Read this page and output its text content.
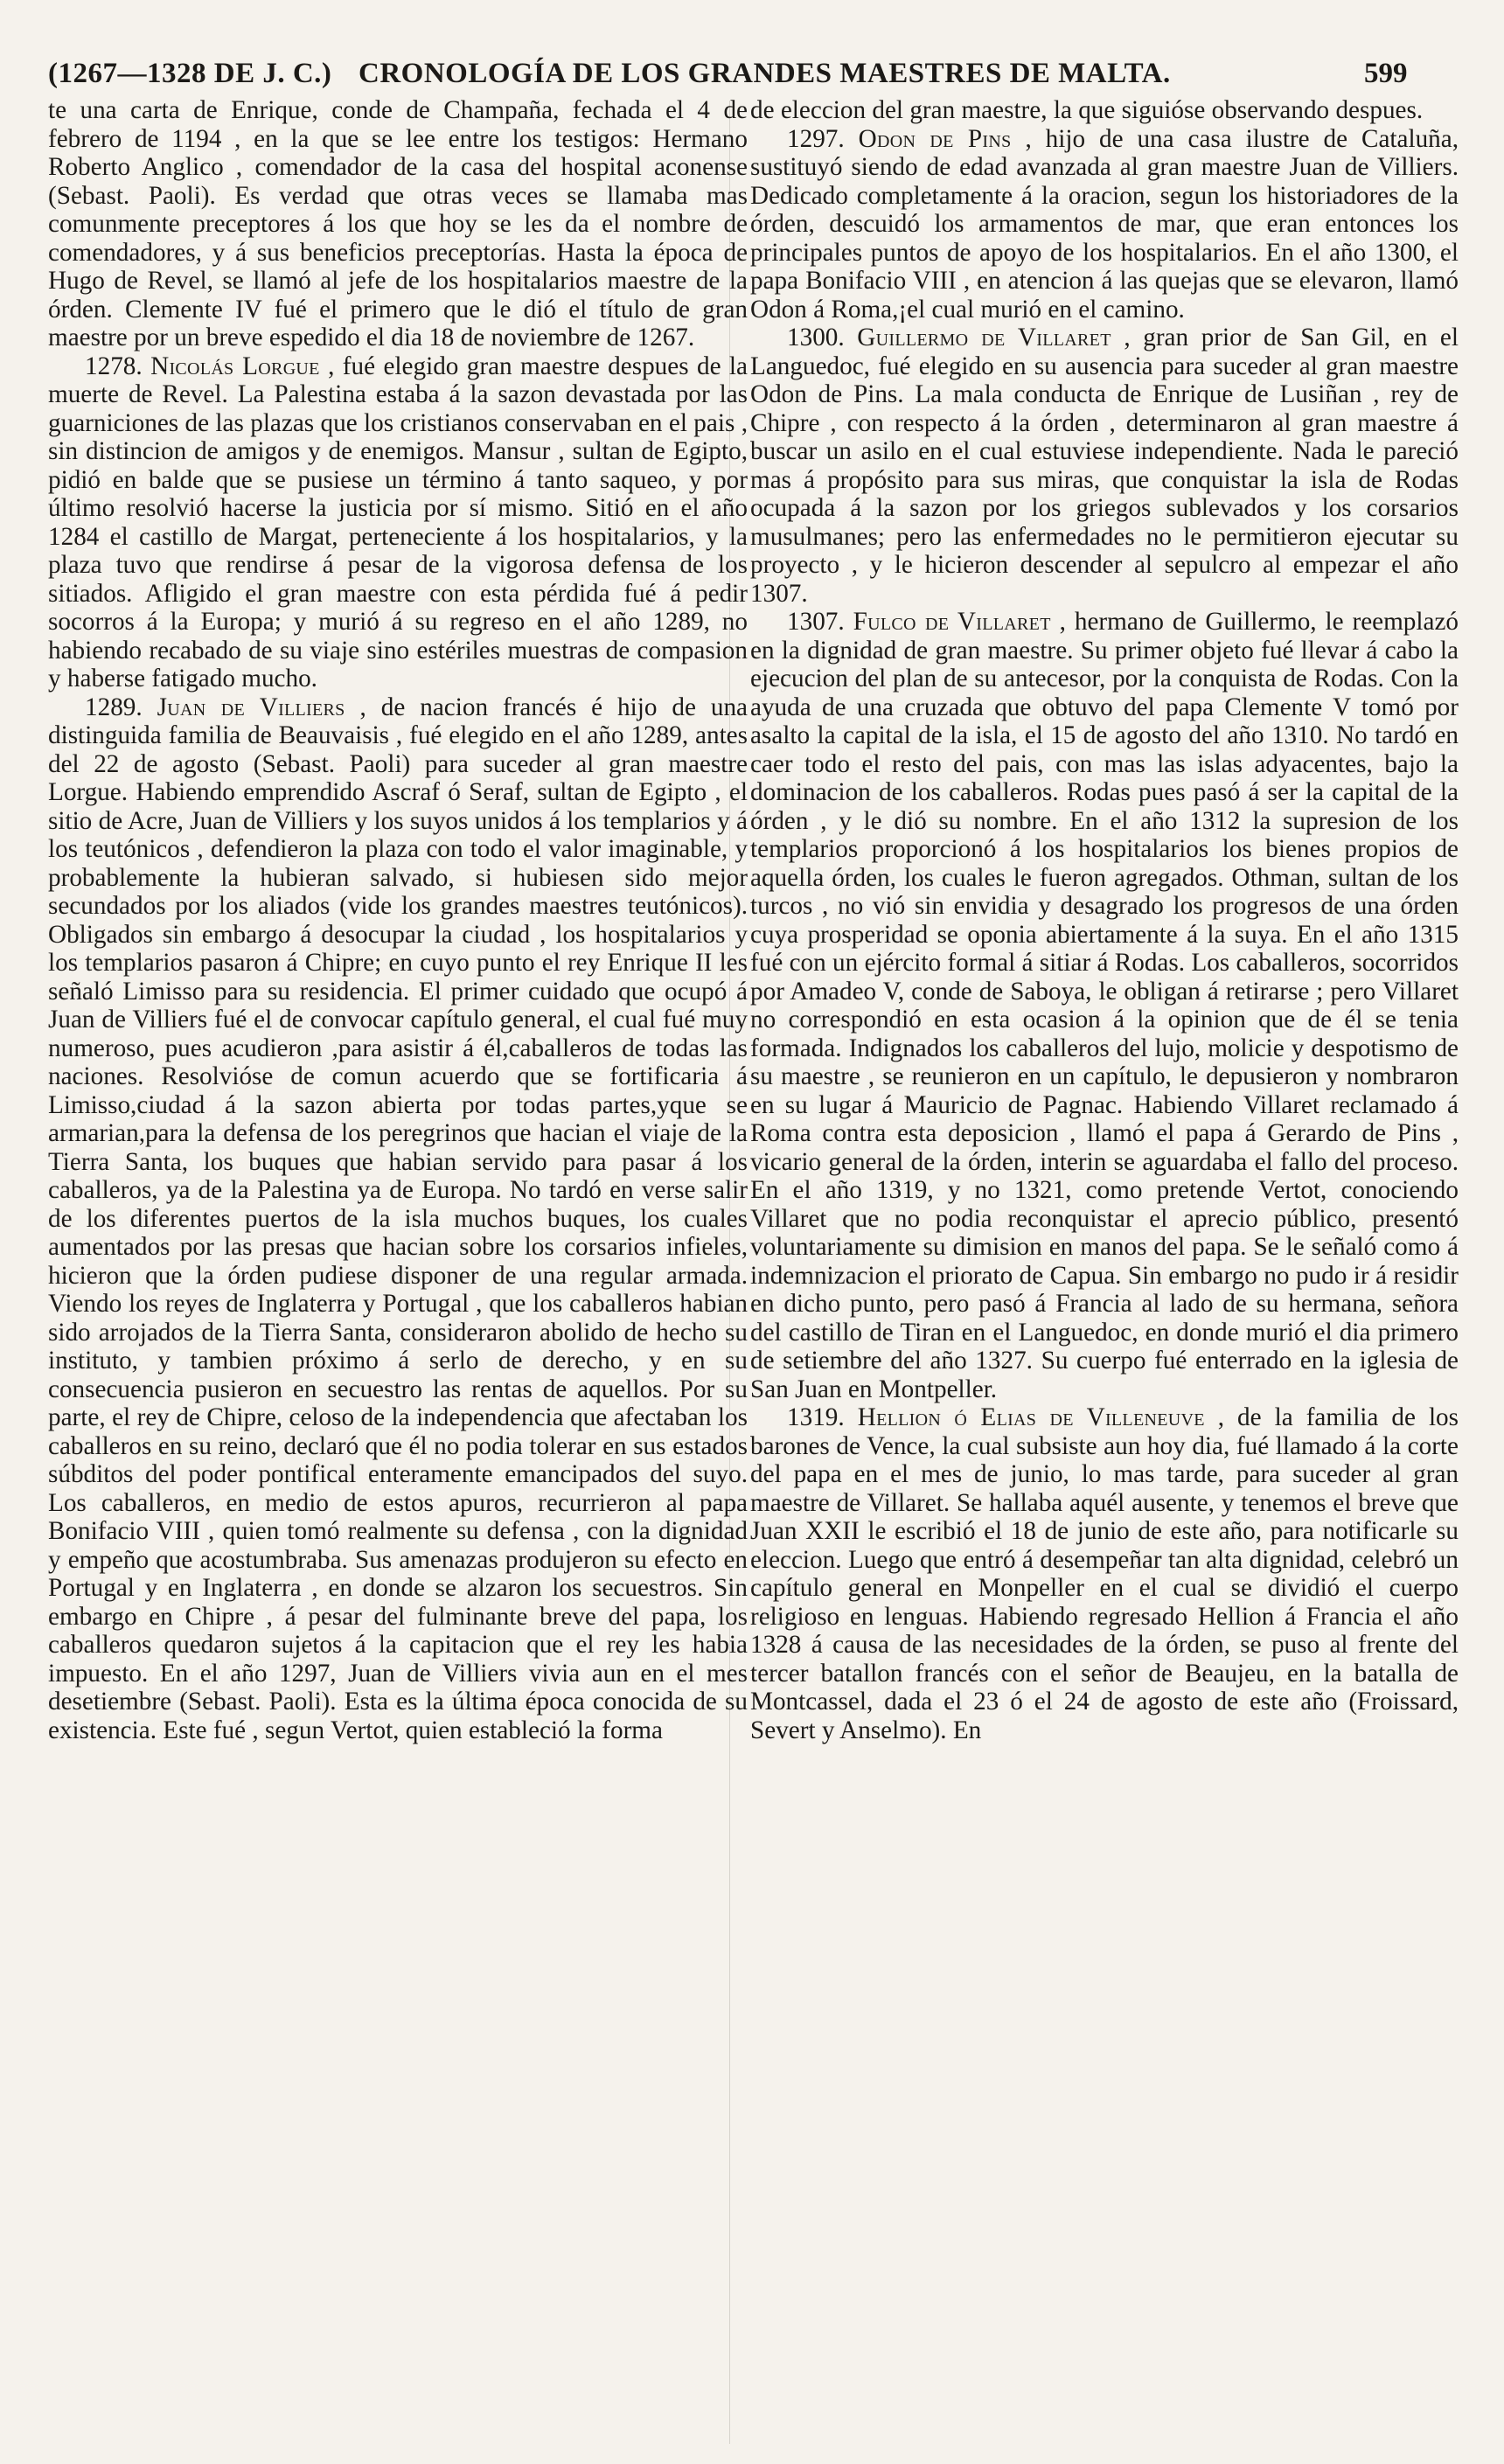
(1267—1328 DE J. C.) CRONOLOGÍA DE LOS GRANDES MAESTRES DE MALTA.	599

te una carta de Enrique, conde de Champaña, fechada el 4 de febrero de 1194 , en la que se lee entre los testigos: Hermano Roberto Anglico , comendador de la casa del hospital aconense (Sebast. Paoli). Es verdad que otras veces se llamaba mas comunmente preceptores á los que hoy se les da el nombre de comendadores, y á sus beneficios preceptorías. Hasta la época de Hugo de Revel, se llamó al jefe de los hospitalarios maestre de la órden. Clemente IV fué el primero que le dió el título de gran maestre por un breve espedido el dia 18 de noviembre de 1267.

1278. Nicolás Lorgue , fué elegido gran maestre despues de la muerte de Revel. La Palestina estaba á la sazon devastada por las guarniciones de las plazas que los cristianos conservaban en el pais , sin distincion de amigos y de enemigos. Mansur , sultan de Egipto, pidió en balde que se pusiese un término á tanto saqueo, y por último resolvió hacerse la justicia por sí mismo. Sitió en el año 1284 el castillo de Margat, perteneciente á los hospitalarios, y la plaza tuvo que rendirse á pesar de la vigorosa defensa de los sitiados. Afligido el gran maestre con esta pérdida fué á pedir socorros á la Europa; y murió á su regreso en el año 1289, no habiendo recabado de su viaje sino estériles muestras de compasion y haberse fatigado mucho.

1289. Juan de Villiers , de nacion francés é hijo de una distinguida familia de Beauvaisis , fué elegido en el año 1289, antes del 22 de agosto (Sebast. Paoli) para suceder al gran maestre Lorgue. Habiendo emprendido Ascraf ó Seraf, sultan de Egipto , el sitio de Acre, Juan de Villiers y los suyos unidos á los templarios y á los teutónicos , defendieron la plaza con todo el valor imaginable, y probablemente la hubieran salvado, si hubiesen sido mejor secundados por los aliados (vide los grandes maestres teutónicos). Obligados sin embargo á desocupar la ciudad , los hospitalarios y los templarios pasaron á Chipre; en cuyo punto el rey Enrique II les señaló Limisso para su residencia. El primer cuidado que ocupó á Juan de Villiers fué el de convocar capítulo general, el cual fué muy numeroso, pues acudieron ,para asistir á él,caballeros de todas las naciones. Resolvióse de comun acuerdo que se fortificaria á Limisso,ciudad á la sazon abierta por todas partes,yque se armarian,para la defensa de los peregrinos que hacian el viaje de la Tierra Santa, los buques que habian servido para pasar á los caballeros, ya de la Palestina ya de Europa. No tardó en verse salir de los diferentes puertos de la isla muchos buques, los cuales aumentados por las presas que hacian sobre los corsarios infieles, hicieron que la órden pudiese disponer de una regular armada. Viendo los reyes de Inglaterra y Portugal , que los caballeros habian sido arrojados de la Tierra Santa, consideraron abolido de hecho su instituto, y tambien próximo á serlo de derecho, y en su consecuencia pusieron en secuestro las rentas de aquellos. Por su parte, el rey de Chipre, celoso de la independencia que afectaban los caballeros en su reino, declaró que él no podia tolerar en sus estados súbditos del poder pontifical enteramente emancipados del suyo. Los caballeros, en medio de estos apuros, recurrieron al papa Bonifacio VIII , quien tomó realmente su defensa , con la dignidad y empeño que acostumbraba. Sus amenazas produjeron su efecto en Portugal y en Inglaterra , en donde se alzaron los secuestros. Sin embargo en Chipre , á pesar del fulminante breve del papa, los caballeros quedaron sujetos á la capitacion que el rey les habia impuesto. En el año 1297, Juan de Villiers vivia aun en el mes desetiembre (Sebast. Paoli). Esta es la última época conocida de su existencia. Este fué , segun Vertot, quien estableció la forma

de eleccion del gran maestre, la que siguióse observando despues.

1297. Odon de Pins , hijo de una casa ilustre de Cataluña, sustituyó siendo de edad avanzada al gran maestre Juan de Villiers. Dedicado completamente á la oracion, segun los historiadores de la órden, descuidó los armamentos de mar, que eran entonces los principales puntos de apoyo de los hospitalarios. En el año 1300, el papa Bonifacio VIII , en atencion á las quejas que se elevaron, llamó Odon á Roma,¡el cual murió en el camino.

1300. Guillermo de Villaret , gran prior de San Gil, en el Languedoc, fué elegido en su ausencia para suceder al gran maestre Odon de Pins. La mala conducta de Enrique de Lusiñan , rey de Chipre , con respecto á la órden , determinaron al gran maestre á buscar un asilo en el cual estuviese independiente. Nada le pareció mas á propósito para sus miras, que conquistar la isla de Rodas ocupada á la sazon por los griegos sublevados y los corsarios musulmanes; pero las enfermedades no le permitieron ejecutar su proyecto , y le hicieron descender al sepulcro al empezar el año 1307.

1307. Fulco de Villaret , hermano de Guillermo, le reemplazó en la dignidad de gran maestre. Su primer objeto fué llevar á cabo la ejecucion del plan de su antecesor, por la conquista de Rodas. Con la ayuda de una cruzada que obtuvo del papa Clemente V tomó por asalto la capital de la isla, el 15 de agosto del año 1310. No tardó en caer todo el resto del pais, con mas las islas adyacentes, bajo la dominacion de los caballeros. Rodas pues pasó á ser la capital de la órden , y le dió su nombre. En el año 1312 la supresion de los templarios proporcionó á los hospitalarios los bienes propios de aquella órden, los cuales le fueron agregados. Othman, sultan de los turcos , no vió sin envidia y desagrado los progresos de una órden cuya prosperidad se oponia abiertamente á la suya. En el año 1315 fué con un ejército formal á sitiar á Rodas. Los caballeros, socorridos por Amadeo V, conde de Saboya, le obligan á retirarse ; pero Villaret no correspondió en esta ocasion á la opinion que de él se tenia formada. Indignados los caballeros del lujo, molicie y despotismo de su maestre , se reunieron en un capítulo, le depusieron y nombraron en su lugar á Mauricio de Pagnac. Habiendo Villaret reclamado á Roma contra esta deposicion , llamó el papa á Gerardo de Pins , vicario general de la órden, interin se aguardaba el fallo del proceso. En el año 1319, y no 1321, como pretende Vertot, conociendo Villaret que no podia reconquistar el aprecio público, presentó voluntariamente su dimision en manos del papa. Se le señaló como á indemnizacion el priorato de Capua. Sin embargo no pudo ir á residir en dicho punto, pero pasó á Francia al lado de su hermana, señora del castillo de Tiran en el Languedoc, en donde murió el dia primero de setiembre del año 1327. Su cuerpo fué enterrado en la iglesia de San Juan en Montpeller.

1319. Hellion ó Elias de Villeneuve , de la familia de los barones de Vence, la cual subsiste aun hoy dia, fué llamado á la corte del papa en el mes de junio, lo mas tarde, para suceder al gran maestre de Villaret. Se hallaba aquél ausente, y tenemos el breve que Juan XXII le escribió el 18 de junio de este año, para notificarle su eleccion. Luego que entró á desempeñar tan alta dignidad, celebró un capítulo general en Monpeller en el cual se dividió el cuerpo religioso en lenguas. Habiendo regresado Hellion á Francia el año 1328 á causa de las necesidades de la órden, se puso al frente del tercer batallon francés con el señor de Beaujeu, en la batalla de Montcassel, dada el 23 ó el 24 de agosto de este año (Froissard, Severt y Anselmo). En
